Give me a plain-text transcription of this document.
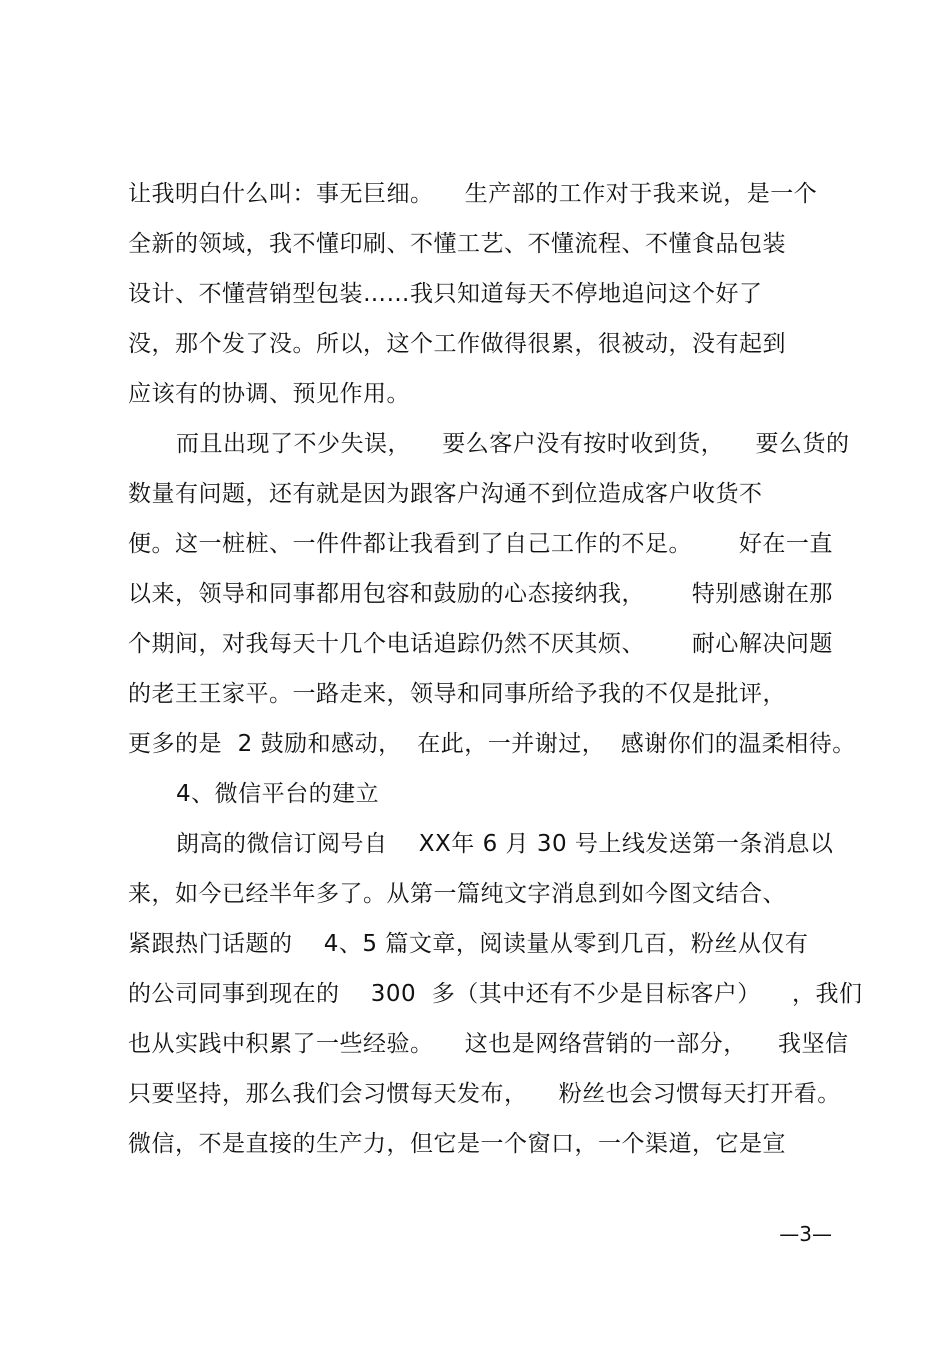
让我明白什么叫：事无巨细。    生产部的工作对于我来说，是一个
全新的领域，我不懂印刷、不懂工艺、不懂流程、不懂食品包装
设计、不懂营销型包装……我只知道每天不停地追问这个好了
没，那个发了没。所以，这个工作做得很累，很被动，没有起到
应该有的协调、预见作用。
而且出现了不少失误，    要么客户没有按时收到货，    要么货的
数量有问题，还有就是因为跟客户沟通不到位造成客户收货不
便。这一桩桩、一件件都让我看到了自己工作的不足。      好在一直
以来，领导和同事都用包容和鼓励的心态接纳我，      特别感谢在那
个期间，对我每天十几个电话追踪仍然不厌其烦、      耐心解决问题
的老王王家平。一路走来，领导和同事所给予我的不仅是批评，
更多的是  2 鼓励和感动，  在此，一并谢过，  感谢你们的温柔相待。
4、微信平台的建立
朗高的微信订阅号自    XX年 6 月 30 号上线发送第一条消息以
来，如今已经半年多了。从第一篇纯文字消息到如今图文结合、
紧跟热门话题的    4、5 篇文章，阅读量从零到几百，粉丝从仅有
的公司同事到现在的    300  多（其中还有不少是目标客户）    ，我们
也从实践中积累了一些经验。    这也是网络营销的一部分，    我坚信
只要坚持，那么我们会习惯每天发布，    粉丝也会习惯每天打开看。
微信，不是直接的生产力，但它是一个窗口，一个渠道，它是宣
—3—
